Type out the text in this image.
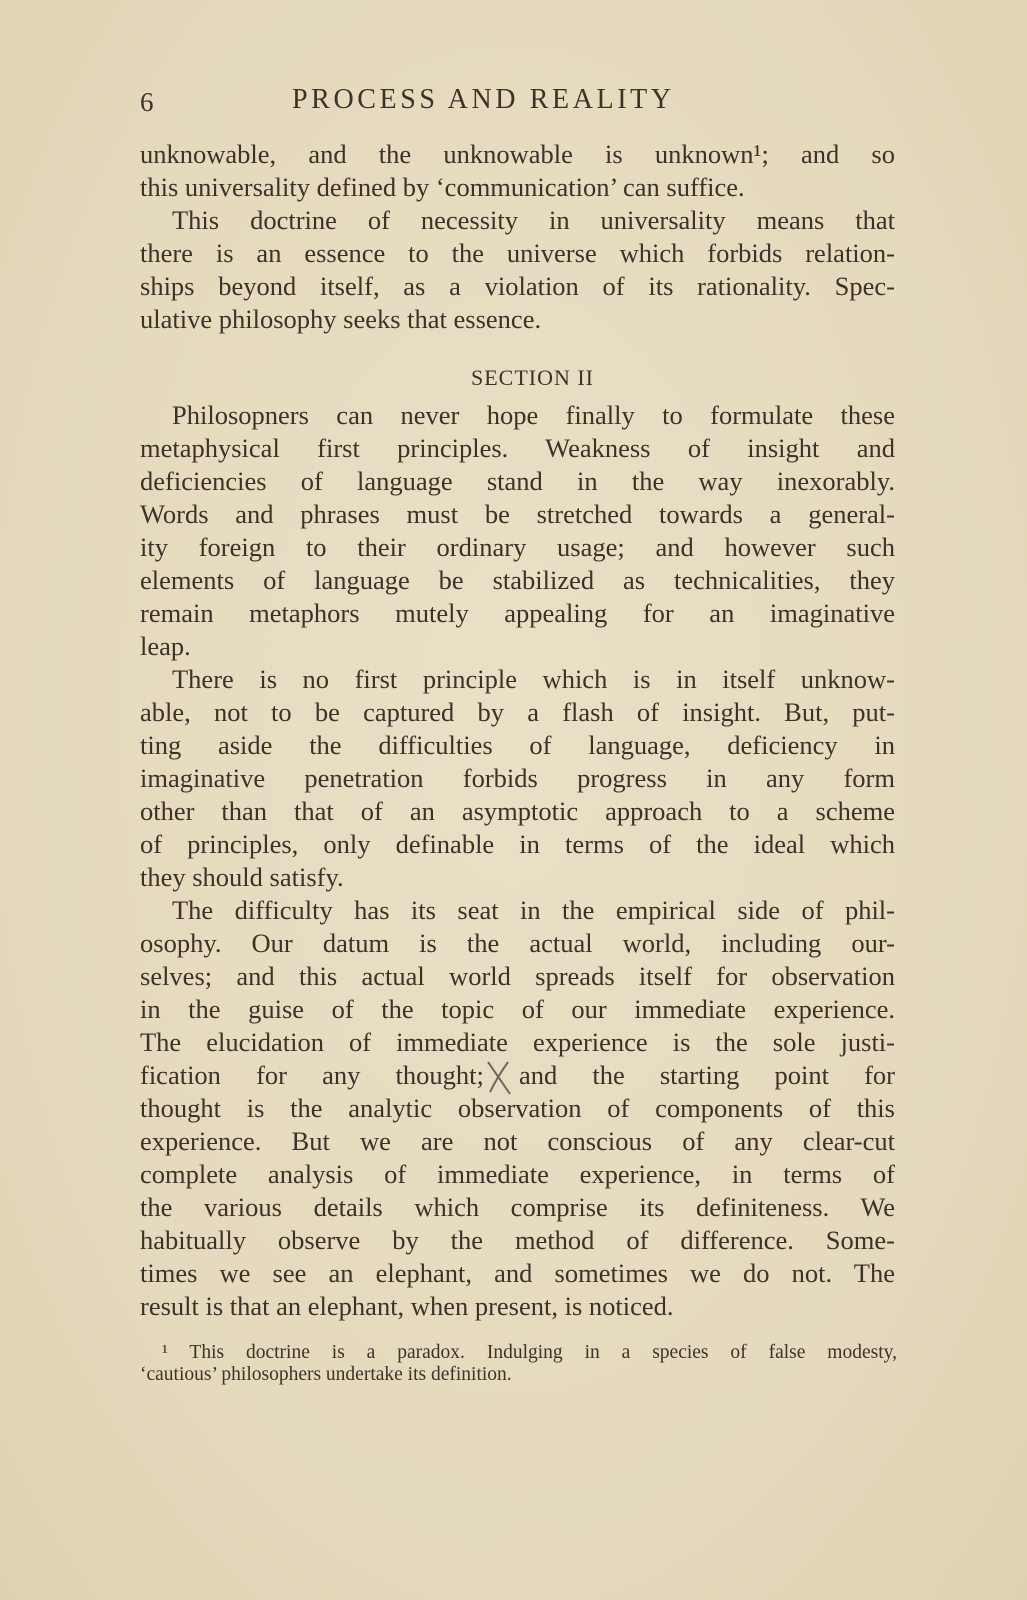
6	PROCESS AND REALITY
unknowable, and the unknowable is unknown¹; and so
this universality defined by ‘communication’ can suffice.
This doctrine of necessity in universality means that
there is an essence to the universe which forbids relation-
ships beyond itself, as a violation of its rationality. Spec-
ulative philosophy seeks that essence.
SECTION II
Philosopners can never hope finally to formulate these
metaphysical first principles. Weakness of insight and
deficiencies of language stand in the way inexorably.
Words and phrases must be stretched towards a general-
ity foreign to their ordinary usage; and however such
elements of language be stabilized as technicalities, they
remain metaphors mutely appealing for an imaginative
leap.
There is no first principle which is in itself unknow-
able, not to be captured by a flash of insight. But, put-
ting aside the difficulties of language, deficiency in
imaginative penetration forbids progress in any form
other than that of an asymptotic approach to a scheme
of principles, only definable in terms of the ideal which
they should satisfy.
The difficulty has its seat in the empirical side of phil-
osophy. Our datum is the actual world, including our-
selves; and this actual world spreads itself for observation
in the guise of the topic of our immediate experience.
The elucidation of immediate experience is the sole justi-
fication for any thought; and the starting point for
thought is the analytic observation of components of this
experience. But we are not conscious of any clear-cut
complete analysis of immediate experience, in terms of
the various details which comprise its definiteness. We
habitually observe by the method of difference. Some-
times we see an elephant, and sometimes we do not. The
result is that an elephant, when present, is noticed.
¹ This doctrine is a paradox. Indulging in a species of false modesty,
‘cautious’ philosophers undertake its definition.
